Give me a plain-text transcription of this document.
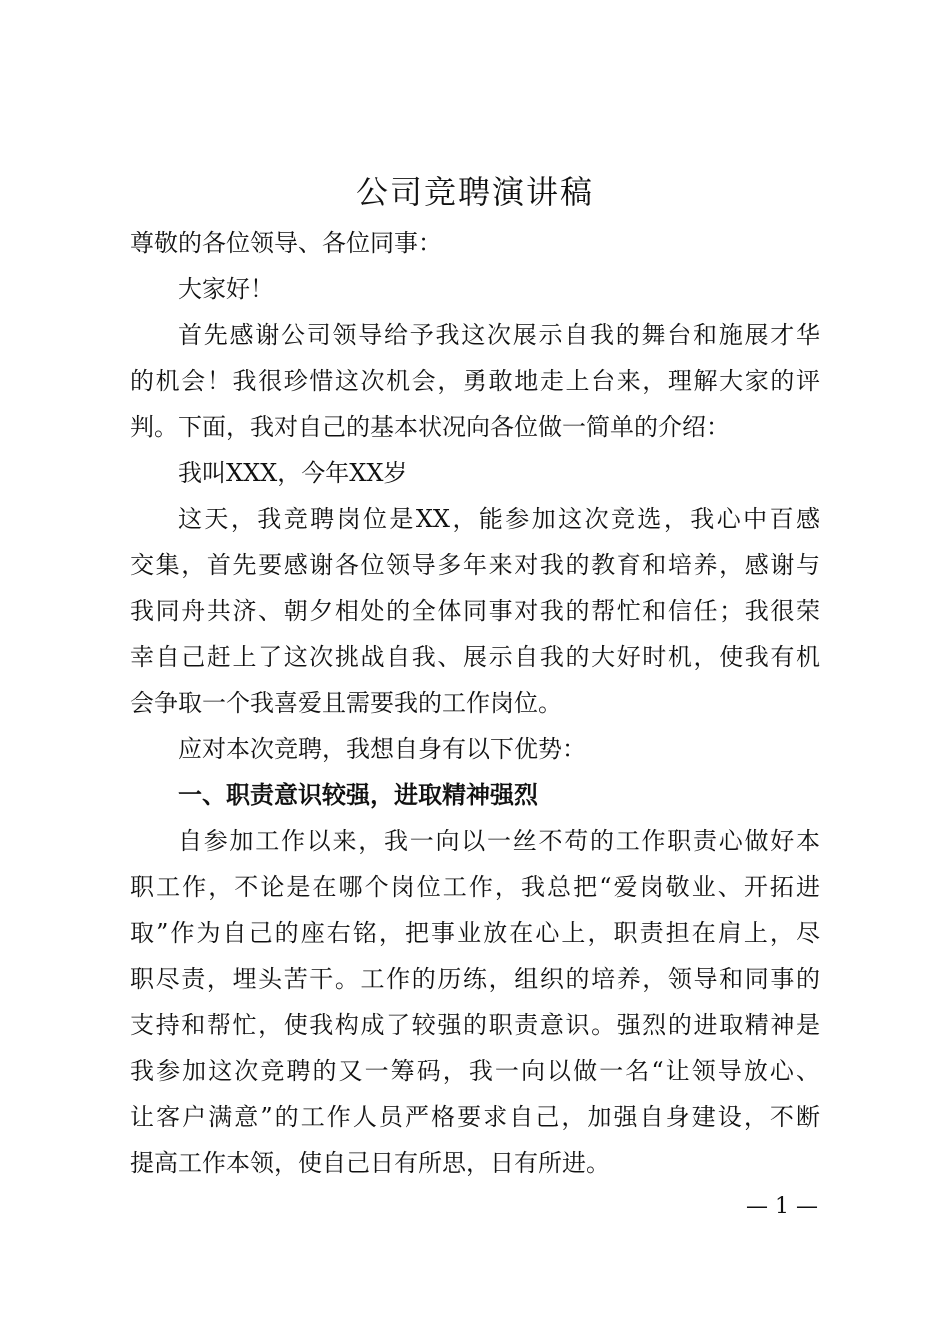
公司竞聘演讲稿

尊敬的各位领导、各位同事：

大家好！

首先感谢公司领导给予我这次展示自我的舞台和施展才华

的机会！我很珍惜这次机会，勇敢地走上台来，理解大家的评

判。下面，我对自己的基本状况向各位做一简单的介绍：

我叫XXX，今年XX岁

这天，我竞聘岗位是XX，能参加这次竞选，我心中百感

交集，首先要感谢各位领导多年来对我的教育和培养，感谢与

我同舟共济、朝夕相处的全体同事对我的帮忙和信任；我很荣

幸自己赶上了这次挑战自我、展示自我的大好时机，使我有机

会争取一个我喜爱且需要我的工作岗位。

应对本次竞聘，我想自身有以下优势：

一、职责意识较强，进取精神强烈

自参加工作以来，我一向以一丝不苟的工作职责心做好本

职工作，不论是在哪个岗位工作，我总把“爱岗敬业、开拓进

取”作为自己的座右铭，把事业放在心上，职责担在肩上，尽

职尽责，埋头苦干。工作的历练，组织的培养，领导和同事的

支持和帮忙，使我构成了较强的职责意识。强烈的进取精神是

我参加这次竞聘的又一筹码，我一向以做一名“让领导放心、

让客户满意”的工作人员严格要求自己，加强自身建设，不断

提高工作本领，使自己日有所思，日有所进。

— 1 —
